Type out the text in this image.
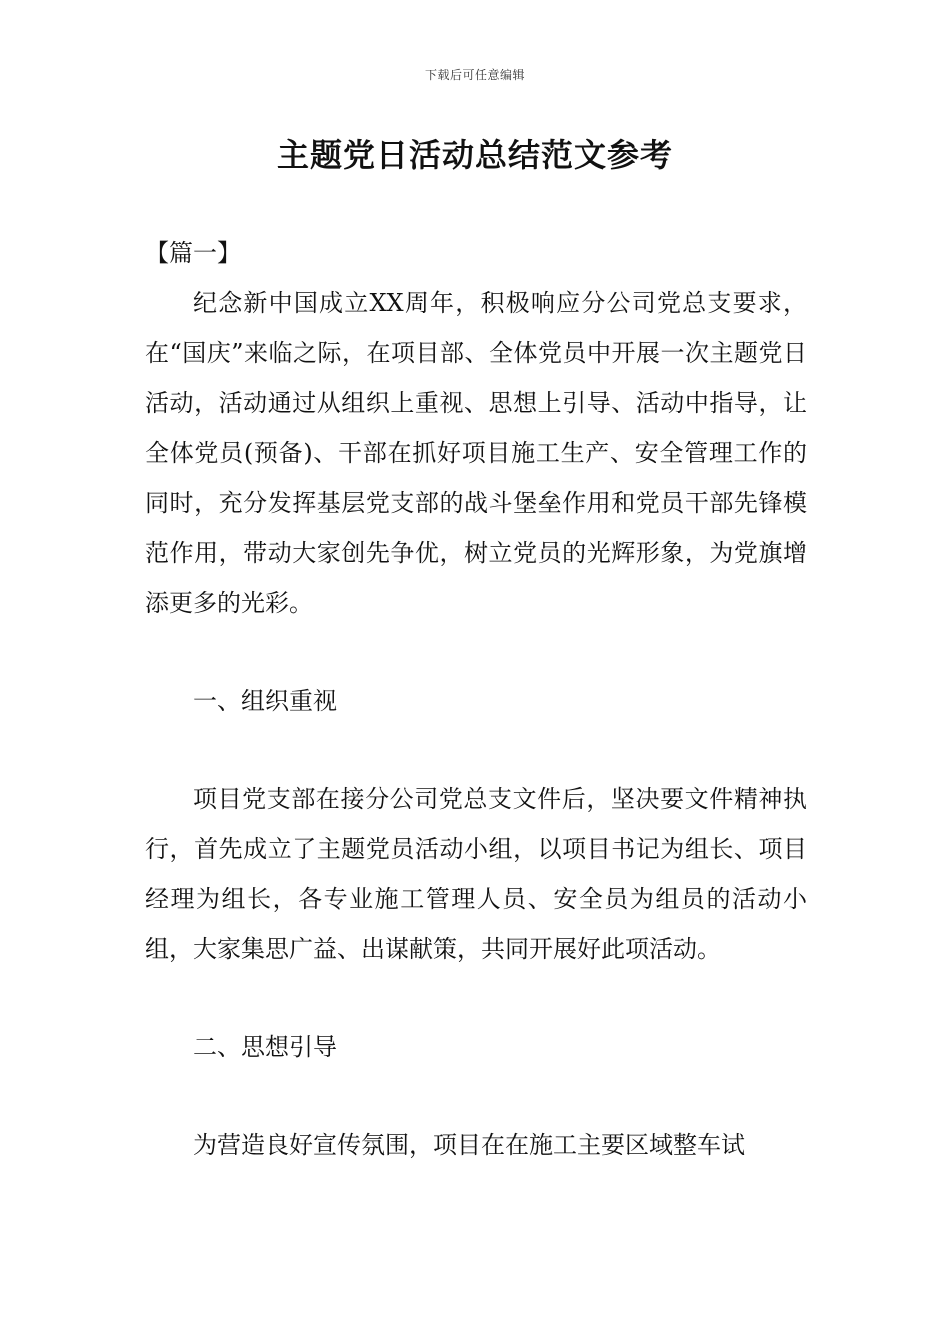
下载后可任意编辑
主题党日活动总结范文参考

【篇一】

纪念新中国成立XX周年，积极响应分公司党总支要求，在“国庆”来临之际，在项目部、全体党员中开展一次主题党日活动，活动通过从组织上重视、思想上引导、活动中指导，让全体党员(预备)、干部在抓好项目施工生产、安全管理工作的同时，充分发挥基层党支部的战斗堡垒作用和党员干部先锋模范作用，带动大家创先争优，树立党员的光辉形象，为党旗增添更多的光彩。

一、组织重视

项目党支部在接分公司党总支文件后，坚决要文件精神执行，首先成立了主题党员活动小组，以项目书记为组长、项目经理为组长，各专业施工管理人员、安全员为组员的活动小组，大家集思广益、出谋献策，共同开展好此项活动。

二、思想引导

为营造良好宣传氛围，项目在在施工主要区域整车试
